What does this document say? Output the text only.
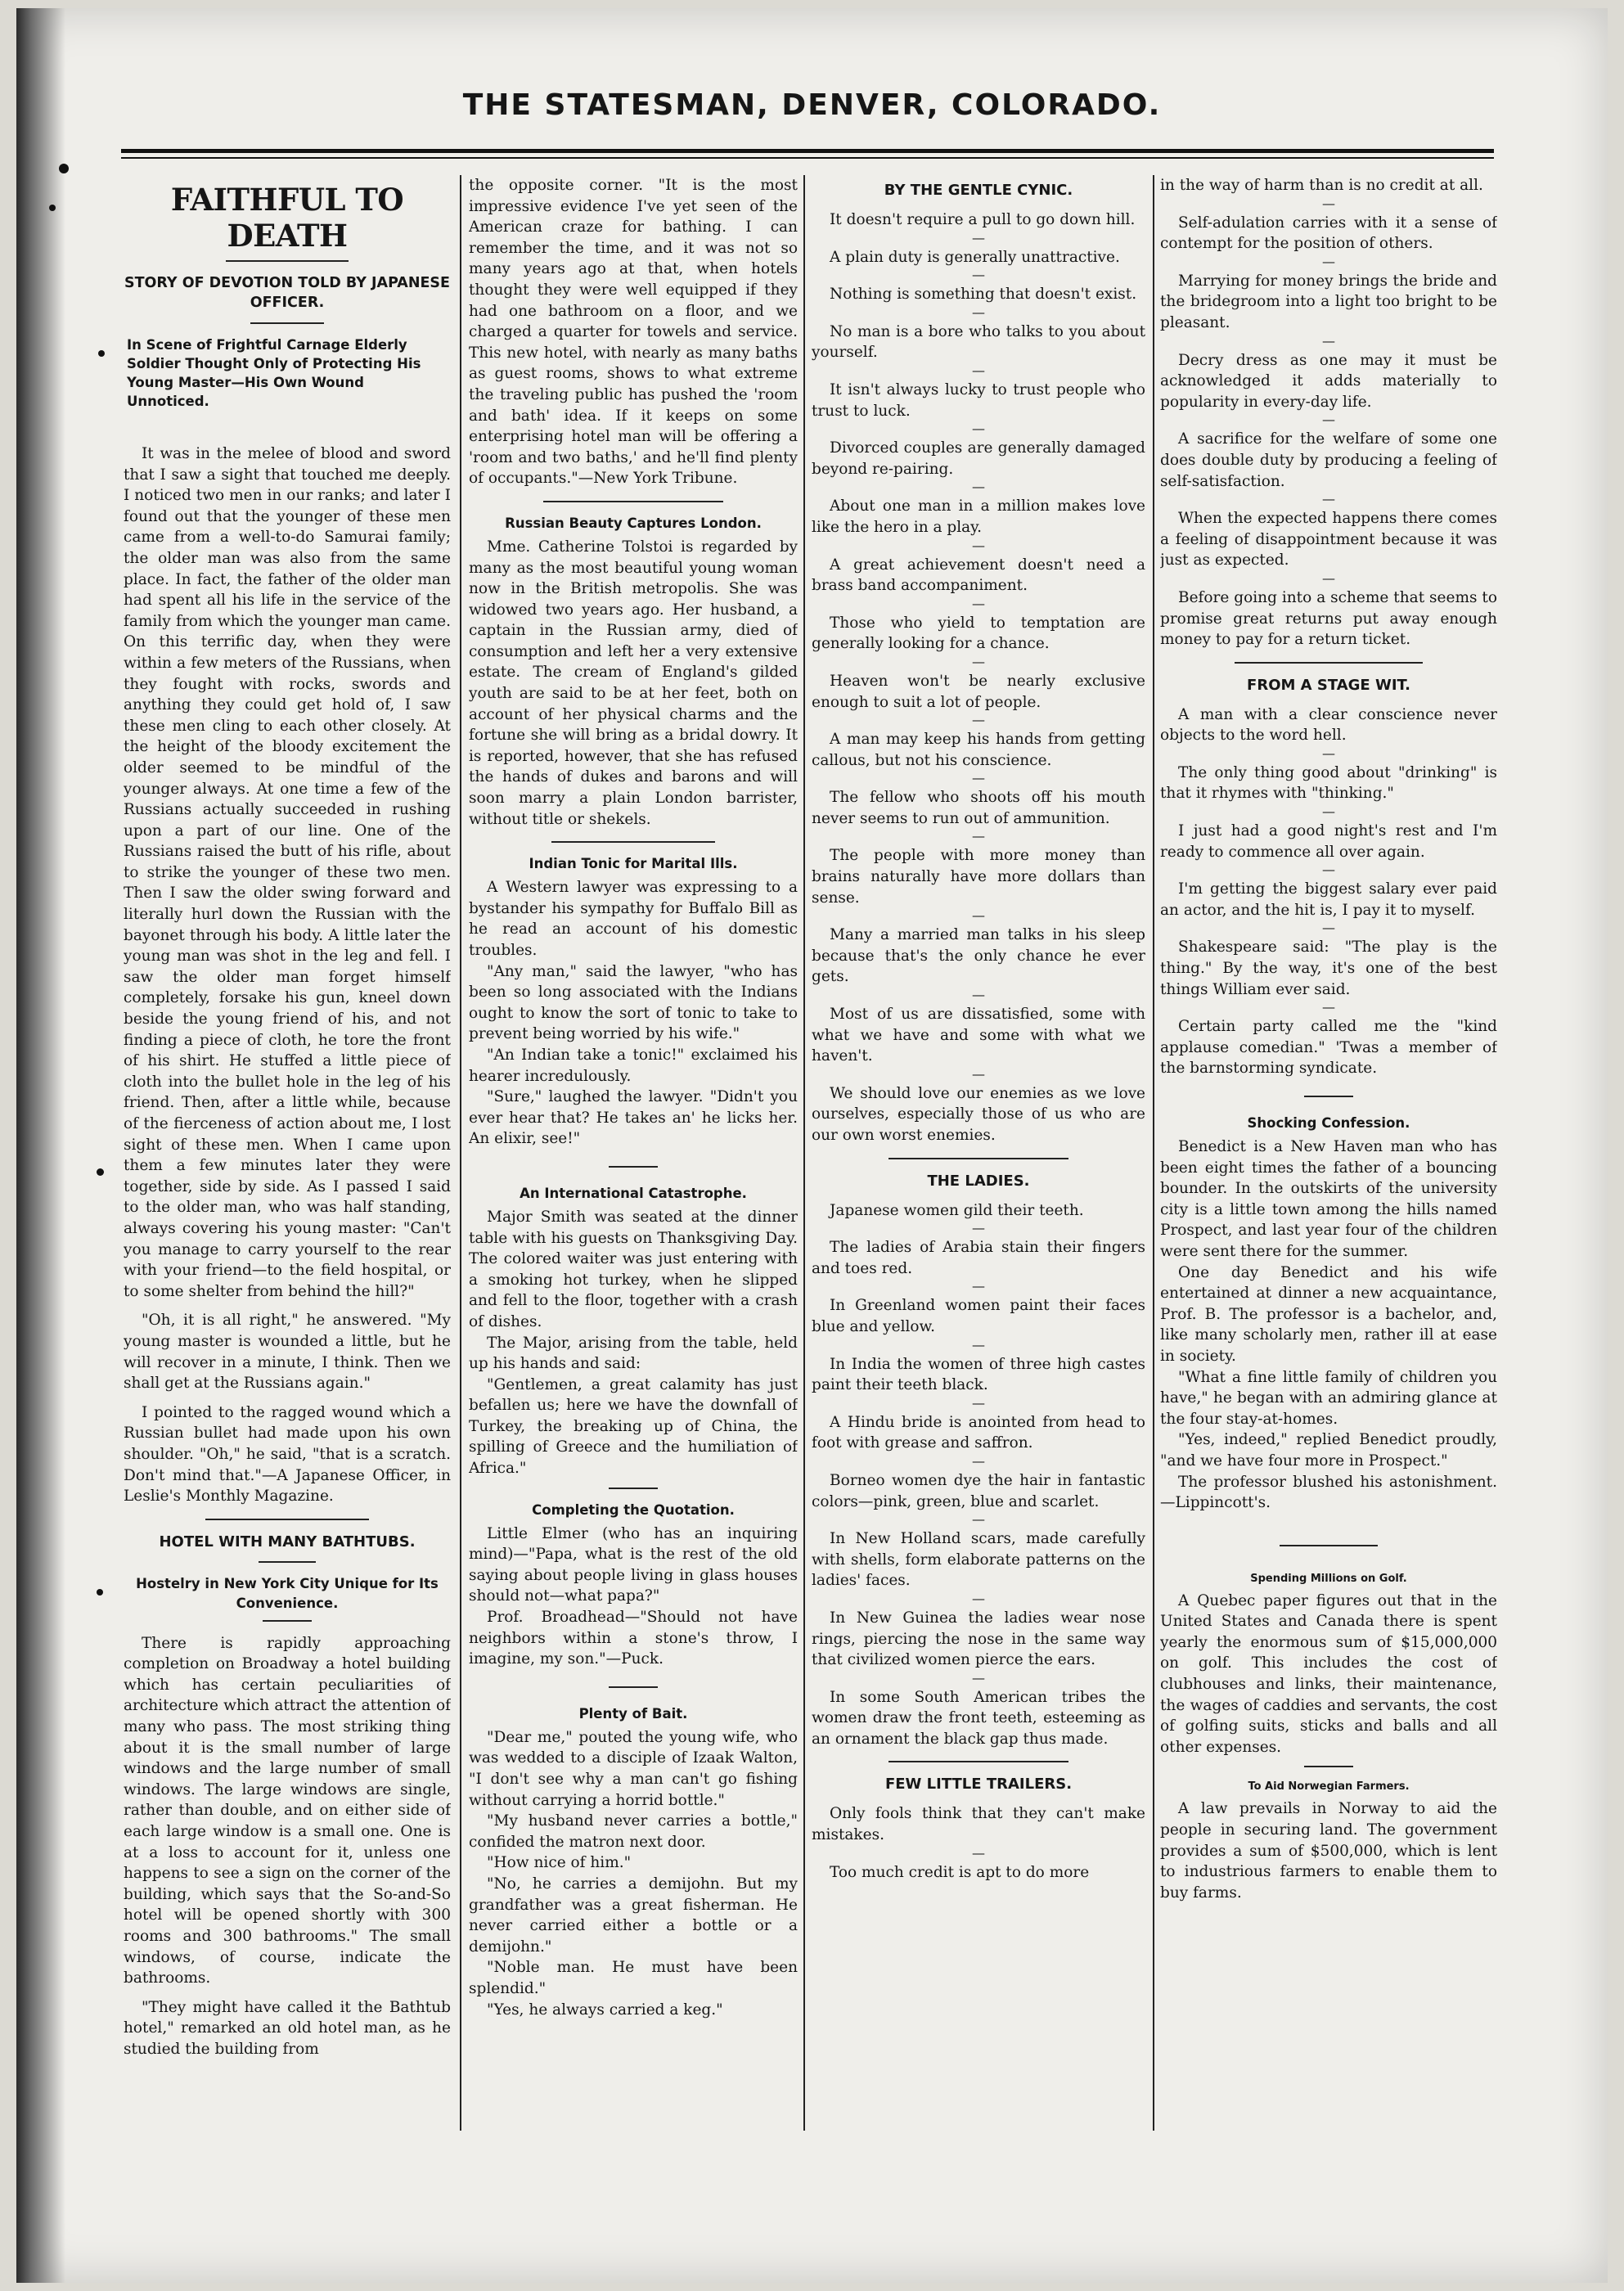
THE STATESMAN, DENVER, COLORADO.
FAITHFUL TO DEATH
STORY OF DEVOTION TOLD BY JAPANESE OFFICER.
In Scene of Frightful Carnage Elderly Soldier Thought Only of Protecting His Young Master—His Own Wound Unnoticed.

It was in the melee of blood and sword that I saw a sight that touched me deeply. I noticed two men in our ranks; and later I found out that the younger of these men came from a well-to-do Samurai family; the older man was also from the same place. In fact, the father of the older man had spent all his life in the service of the family from which the younger man came. On this terrific day, when they were within a few meters of the Russians, when they fought with rocks, swords and anything they could get hold of, I saw these men cling to each other closely. At the height of the bloody excitement the older seemed to be mindful of the younger always. At one time a few of the Russians actually succeeded in rushing upon a part of our line. One of the Russians raised the butt of his rifle, about to strike the younger of these two men. Then I saw the older swing forward and literally hurl down the Russian with the bayonet through his body. A little later the young man was shot in the leg and fell. I saw the older man forget himself completely, forsake his gun, kneel down beside the young friend of his, and not finding a piece of cloth, he tore the front of his shirt. He stuffed a little piece of cloth into the bullet hole in the leg of his friend. Then, after a little while, because of the fierceness of action about me, I lost sight of these men. When I came upon them a few minutes later they were together, side by side. As I passed I said to the older man, who was half standing, always covering his young master: "Can't you manage to carry yourself to the rear with your friend—to the field hospital, or to some shelter from behind the hill?"

"Oh, it is all right," he answered. "My young master is wounded a little, but he will recover in a minute, I think. Then we shall get at the Russians again."

I pointed to the ragged wound which a Russian bullet had made upon his own shoulder. "Oh," he said, "that is a scratch. Don't mind that."—A Japanese Officer, in Leslie's Monthly Magazine.

HOTEL WITH MANY BATHTUBS.
Hostelry in New York City Unique for Its Convenience.

There is rapidly approaching completion on Broadway a hotel building which has certain peculiarities of architecture which attract the attention of many who pass. The most striking thing about it is the small number of large windows and the large number of small windows. The large windows are single, rather than double, and on either side of each large window is a small one. One is at a loss to account for it, unless one happens to see a sign on the corner of the building, which says that the So-and-So hotel will be opened shortly with 300 rooms and 300 bathrooms." The small windows, of course, indicate the bathrooms.

"They might have called it the Bathtub hotel," remarked an old hotel man, as he studied the building from

the opposite corner. "It is the most impressive evidence I've yet seen of the American craze for bathing. I can remember the time, and it was not so many years ago at that, when hotels thought they were well equipped if they had one bathroom on a floor, and we charged a quarter for towels and service. This new hotel, with nearly as many baths as guest rooms, shows to what extreme the traveling public has pushed the 'room and bath' idea. If it keeps on some enterprising hotel man will be offering a 'room and two baths,' and he'll find plenty of occupants."—New York Tribune.

Russian Beauty Captures London.

Mme. Catherine Tolstoi is regarded by many as the most beautiful young woman now in the British metropolis. She was widowed two years ago. Her husband, a captain in the Russian army, died of consumption and left her a very extensive estate. The cream of England's gilded youth are said to be at her feet, both on account of her physical charms and the fortune she will bring as a bridal dowry. It is reported, however, that she has refused the hands of dukes and barons and will soon marry a plain London barrister, without title or shekels.

Indian Tonic for Marital Ills.

A Western lawyer was expressing to a bystander his sympathy for Buffalo Bill as he read an account of his domestic troubles.

"Any man," said the lawyer, "who has been so long associated with the Indians ought to know the sort of tonic to take to prevent being worried by his wife."

"An Indian take a tonic!" exclaimed his hearer incredulously.

"Sure," laughed the lawyer. "Didn't you ever hear that? He takes an' he licks her. An elixir, see!"

An International Catastrophe.

Major Smith was seated at the dinner table with his guests on Thanksgiving Day. The colored waiter was just entering with a smoking hot turkey, when he slipped and fell to the floor, together with a crash of dishes.

The Major, arising from the table, held up his hands and said:

"Gentlemen, a great calamity has just befallen us; here we have the downfall of Turkey, the breaking up of China, the spilling of Greece and the humiliation of Africa."

Completing the Quotation.

Little Elmer (who has an inquiring mind)—"Papa, what is the rest of the old saying about people living in glass houses should not—what papa?"

Prof. Broadhead—"Should not have neighbors within a stone's throw, I imagine, my son."—Puck.

Plenty of Bait.

"Dear me," pouted the young wife, who was wedded to a disciple of Izaak Walton, "I don't see why a man can't go fishing without carrying a horrid bottle."

"My husband never carries a bottle," confided the matron next door.

"How nice of him."

"No, he carries a demijohn. But my grandfather was a great fisherman. He never carried either a bottle or a demijohn."

"Noble man. He must have been splendid."

"Yes, he always carried a keg."

BY THE GENTLE CYNIC.

It doesn't require a pull to go down hill.

—

A plain duty is generally unattractive.

—

Nothing is something that doesn't exist.

—

No man is a bore who talks to you about yourself.

—

It isn't always lucky to trust people who trust to luck.

—

Divorced couples are generally damaged beyond re-pairing.

—

About one man in a million makes love like the hero in a play.

—

A great achievement doesn't need a brass band accompaniment.

—

Those who yield to temptation are generally looking for a chance.

—

Heaven won't be nearly exclusive enough to suit a lot of people.

—

A man may keep his hands from getting callous, but not his conscience.

—

The fellow who shoots off his mouth never seems to run out of ammunition.

—

The people with more money than brains naturally have more dollars than sense.

—

Many a married man talks in his sleep because that's the only chance he ever gets.

—

Most of us are dissatisfied, some with what we have and some with what we haven't.

—

We should love our enemies as we love ourselves, especially those of us who are our own worst enemies.

THE LADIES.

Japanese women gild their teeth.

—

The ladies of Arabia stain their fingers and toes red.

—

In Greenland women paint their faces blue and yellow.

—

In India the women of three high castes paint their teeth black.

—

A Hindu bride is anointed from head to foot with grease and saffron.

—

Borneo women dye the hair in fantastic colors—pink, green, blue and scarlet.

—

In New Holland scars, made carefully with shells, form elaborate patterns on the ladies' faces.

—

In New Guinea the ladies wear nose rings, piercing the nose in the same way that civilized women pierce the ears.

—

In some South American tribes the women draw the front teeth, esteeming as an ornament the black gap thus made.

FEW LITTLE TRAILERS.

Only fools think that they can't make mistakes.

—

Too much credit is apt to do more

in the way of harm than is no credit at all.

—

Self-adulation carries with it a sense of contempt for the position of others.

—

Marrying for money brings the bride and the bridegroom into a light too bright to be pleasant.

—

Decry dress as one may it must be acknowledged it adds materially to popularity in every-day life.

—

A sacrifice for the welfare of some one does double duty by producing a feeling of self-satisfaction.

—

When the expected happens there comes a feeling of disappointment because it was just as expected.

—

Before going into a scheme that seems to promise great returns put away enough money to pay for a return ticket.

FROM A STAGE WIT.

A man with a clear conscience never objects to the word hell.

—

The only thing good about "drinking" is that it rhymes with "thinking."

—

I just had a good night's rest and I'm ready to commence all over again.

—

I'm getting the biggest salary ever paid an actor, and the hit is, I pay it to myself.

—

Shakespeare said: "The play is the thing." By the way, it's one of the best things William ever said.

—

Certain party called me the "kind applause comedian." 'Twas a member of the barnstorming syndicate.

Shocking Confession.

Benedict is a New Haven man who has been eight times the father of a bouncing bounder. In the outskirts of the university city is a little town among the hills named Prospect, and last year four of the children were sent there for the summer.

One day Benedict and his wife entertained at dinner a new acquaintance, Prof. B. The professor is a bachelor, and, like many scholarly men, rather ill at ease in society.

"What a fine little family of children you have," he began with an admiring glance at the four stay-at-homes.

"Yes, indeed," replied Benedict proudly, "and we have four more in Prospect."

The professor blushed his astonishment.—Lippincott's.

Spending Millions on Golf.

A Quebec paper figures out that in the United States and Canada there is spent yearly the enormous sum of $15,000,000 on golf. This includes the cost of clubhouses and links, their maintenance, the wages of caddies and servants, the cost of golfing suits, sticks and balls and all other expenses.

To Aid Norwegian Farmers.

A law prevails in Norway to aid the people in securing land. The government provides a sum of $500,000, which is lent to industrious farmers to enable them to buy farms.
